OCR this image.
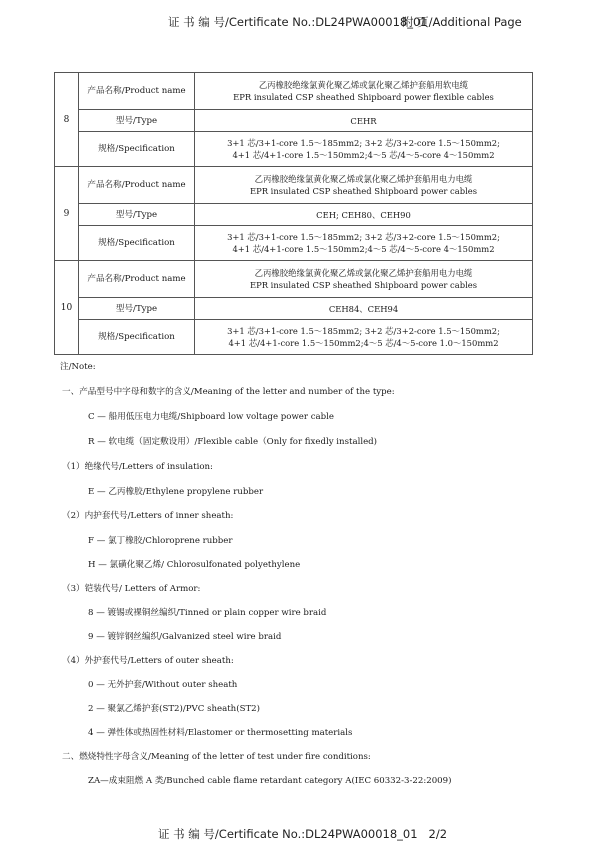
证 书 编 号/Certificate No.:DL24PWA00018_01
附 页/Additional Page
8	产品名称/Product name	乙丙橡胶绝缘氯黄化聚乙烯或氯化聚乙烯护套船用软电缆
EPR insulated CSP sheathed Shipboard power flexible cables

	型号/Type	CEHR
	规格/Specification	3+1 芯/3+1-core 1.5～185mm2; 3+2 芯/3+2-core 1.5～150mm2;
4+1 芯/4+1-core 1.5～150mm2;4～5 芯/4～5-core 4～150mm2

9	产品名称/Product name	乙丙橡胶绝缘氯黄化聚乙烯或氯化聚乙烯护套船用电力电缆
EPR insulated CSP sheathed Shipboard power cables

	型号/Type	CEH; CEH80、CEH90
	规格/Specification	3+1 芯/3+1-core 1.5～185mm2; 3+2 芯/3+2-core 1.5～150mm2;
4+1 芯/4+1-core 1.5～150mm2;4～5 芯/4～5-core 4～150mm2

10	产品名称/Product name	乙丙橡胶绝缘氯黄化聚乙烯或氯化聚乙烯护套船用电力电缆
EPR insulated CSP sheathed Shipboard power cables

	型号/Type	CEH84、CEH94
	规格/Specification	3+1 芯/3+1-core 1.5～185mm2; 3+2 芯/3+2-core 1.5～150mm2;
4+1 芯/4+1-core 1.5～150mm2;4～5 芯/4～5-core 1.0～150mm2
注/Note:
一、产品型号中字母和数字的含义/Meaning of the letter and number of the type:
C — 船用低压电力电缆/Shipboard low voltage power cable
R — 软电缆（固定敷设用）/Flexible cable（Only for fixedly installed)
（1）绝缘代号/Letters of insulation:
E — 乙丙橡胶/Ethylene propylene rubber
（2）内护套代号/Letters of inner sheath:
F — 氯丁橡胶/Chloroprene rubber
H — 氯磺化聚乙烯/ Chlorosulfonated polyethylene
（3）铠装代号/ Letters of Armor:
8 — 镀锡或裸铜丝编织/Tinned or plain copper wire braid
9 — 镀锌钢丝编织/Galvanized steel wire braid
（4）外护套代号/Letters of outer sheath:
0 — 无外护套/Without outer sheath
2 — 聚氯乙烯护套(ST2)/PVC sheath(ST2)
4 — 弹性体或热固性材料/Elastomer or thermosetting materials
二、燃烧特性字母含义/Meaning of the letter of test under fire conditions:
ZA—成束阻燃 A 类/Bunched cable flame retardant category A(IEC 60332-3-22:2009)
证 书 编 号/Certificate No.:DL24PWA00018_01 2/2
